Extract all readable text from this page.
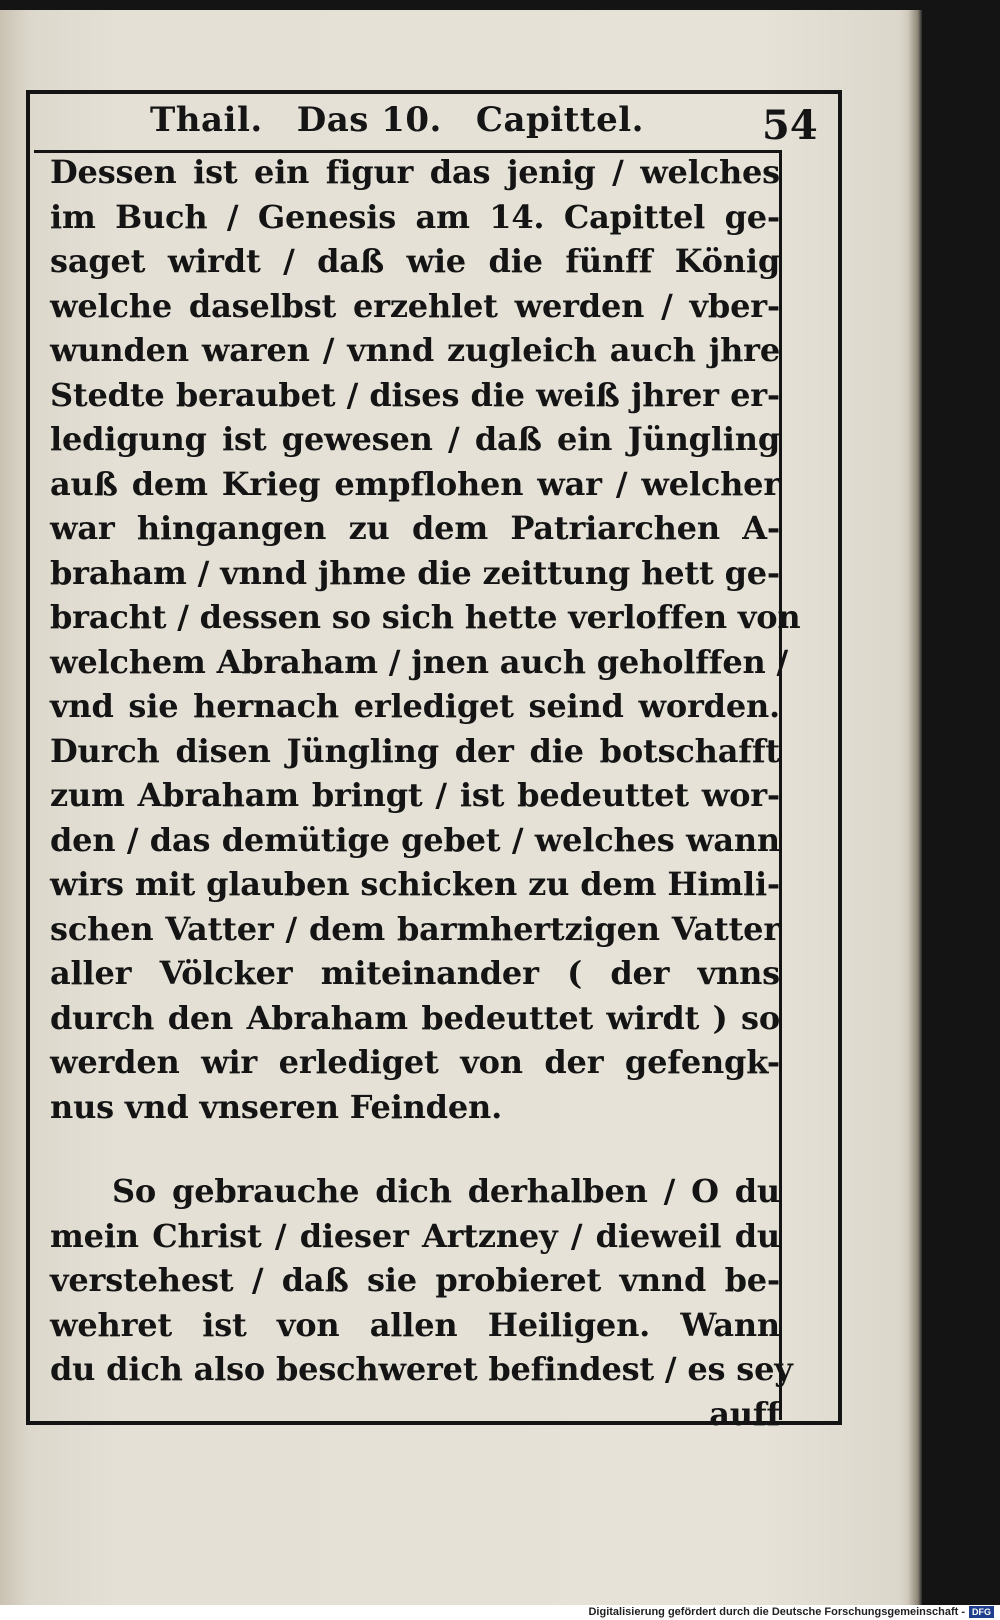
Thail. Das 10. Capittel.	54
Dessen ist ein figur das jenig / welches
im Buch / Genesis am 14. Capittel ge-
saget wirdt / daß wie die fünff König
welche daselbst erzehlet werden / vber-
wunden waren / vnnd zugleich auch jhre
Stedte beraubet / dises die weiß jhrer er-
ledigung ist gewesen / daß ein Jüngling
auß dem Krieg empflohen war / welcher
war hingangen zu dem Patriarchen A-
braham / vnnd jhme die zeittung hett ge-
bracht / dessen so sich hette verloffen von
welchem Abraham / jnen auch geholffen /
vnd sie hernach erlediget seind worden.
Durch disen Jüngling der die botschafft
zum Abraham bringt / ist bedeuttet wor-
den / das demütige gebet / welches wann
wirs mit glauben schicken zu dem Himli-
schen Vatter / dem barmhertzigen Vatter
aller Völcker miteinander ( der vnns
durch den Abraham bedeuttet wirdt ) so
werden wir erlediget von der gefengk-
nus vnd vnseren Feinden.
So gebrauche dich derhalben / O du
mein Christ / dieser Artzney / dieweil du
verstehest / daß sie probieret vnnd be-
wehret ist von allen Heiligen. Wann
du dich also beschweret befindest / es sey
auff
Digitalisierung gefördert durch die Deutsche Forschungsgemeinschaft - DFG
